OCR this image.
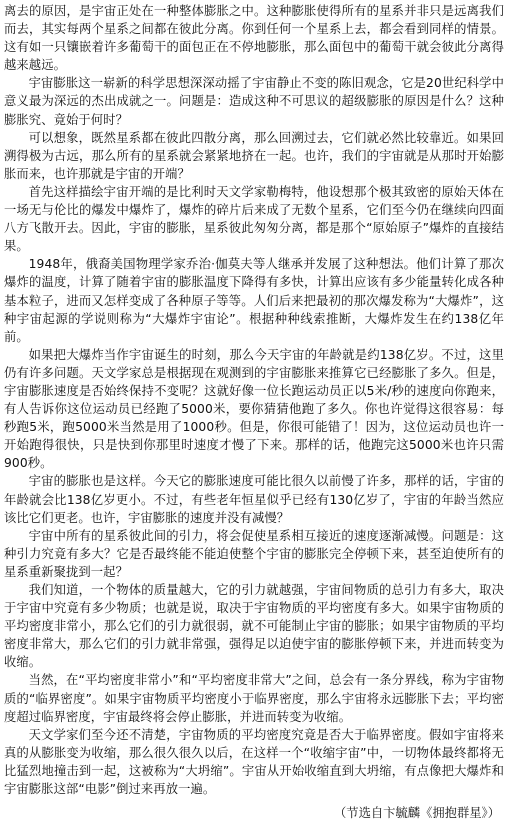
离去的原因，是宇宙正处在一种整体膨胀之中。这种膨胀使得所有的星系并非只是远离我们而去，其实每两个星系之间都在彼此分离。你到任何一个星系上去，都会看到同样的情景。这有如一只镶嵌着许多葡萄干的面包正在不停地膨胀，那么面包中的葡萄干就会彼此分离得越来越远。

宇宙膨胀这一崭新的科学思想深深动摇了宇宙静止不变的陈旧观念，它是20世纪科学中意义最为深远的杰出成就之一。问题是：造成这种不可思议的超级膨胀的原因是什么？这种膨胀究、竟始于何时？

可以想象，既然星系都在彼此四散分离，那么回溯过去，它们就必然比较靠近。如果回溯得极为古远，那么所有的星系就会紧紧地挤在一起。也许，我们的宇宙就是从那时开始膨胀而来，也许那就是宇宙的开端？

首先这样描绘宇宙开端的是比利时天文学家勒梅特，他设想那个极其致密的原始天体在一场无与伦比的爆发中爆炸了，爆炸的碎片后来成了无数个星系，它们至今仍在继续向四面八方飞散开去。因此，宇宙的膨胀，星系彼此匆匆分离，都是那个“原始原子”爆炸的直接结果。

1948年，俄裔美国物理学家乔治·伽莫夫等人继承并发展了这种想法。他们计算了那次爆炸的温度，计算了随着宇宙的膨胀温度下降得有多快，计算出应该有多少能量转化成各种基本粒子，进而又怎样变成了各种原子等等。人们后来把最初的那次爆发称为“大爆炸”，这种宇宙起源的学说则称为“大爆炸宇宙论”。根据种种线索推断，大爆炸发生在约138亿年前。

如果把大爆炸当作宇宙诞生的时刻，那么今天宇宙的年龄就是约138亿岁。不过，这里仍有许多问题。天文学家总是根据现在观测到的宇宙膨胀来推算它已经膨胀了多久。但是，宇宙膨胀速度是否始终保持不变呢？这就好像一位长跑运动员正以5米/秒的速度向你跑来，有人告诉你这位运动员已经跑了5000米，要你猜猜他跑了多久。你也许觉得这很容易：每秒跑5米，跑5000米当然是用了1000秒。但是，你很可能错了！因为，这位运动员也许一开始跑得很快，只是快到你那里时速度才慢了下来。那样的话，他跑完这5000米也许只需900秒。

宇宙的膨胀也是这样。今天它的膨胀速度可能比很久以前慢了许多，那样的话，宇宙的年龄就会比138亿岁更小。不过，有些老年恒星似乎已经有130亿岁了，宇宙的年龄当然应该比它们更老。也许，宇宙膨胀的速度并没有减慢？

宇宙中所有的星系彼此间的引力，将会促使星系相互接近的速度逐渐减慢。问题是：这种引力究竟有多大？它是否最终能不能迫使整个宇宙的膨胀完全停顿下来，甚至迫使所有的星系重新聚拢到一起？

我们知道，一个物体的质量越大，它的引力就越强，宇宙间物质的总引力有多大，取决于宇宙中究竟有多少物质；也就是说，取决于宇宙物质的平均密度有多大。如果宇宙物质的平均密度非常小，那么它们的引力就很弱，就不可能制止宇宙的膨胀；如果宇宙物质的平均密度非常大，那么它们的引力就非常强，强得足以迫使宇宙的膨胀停顿下来，并进而转变为收缩。

当然，在“平均密度非常小”和“平均密度非常大”之间，总会有一条分界线，称为宇宙物质的“临界密度”。如果宇宙物质平均密度小于临界密度，那么宇宙将永远膨胀下去；平均密度超过临界密度，宇宙最终将会停止膨胀，并进而转变为收缩。

天文学家们至今还不清楚，宇宙物质的平均密度究竟是否大于临界密度。假如宇宙将来真的从膨胀变为收缩，那么很久很久以后，在这样一个“收缩宇宙”中，一切物体最终都将无比猛烈地撞击到一起，这被称为“大坍缩”。宇宙从开始收缩直到大坍缩，有点像把大爆炸和宇宙膨胀这部“电影”倒过来再放一遍。

（节选自卞毓麟《拥抱群星》）
